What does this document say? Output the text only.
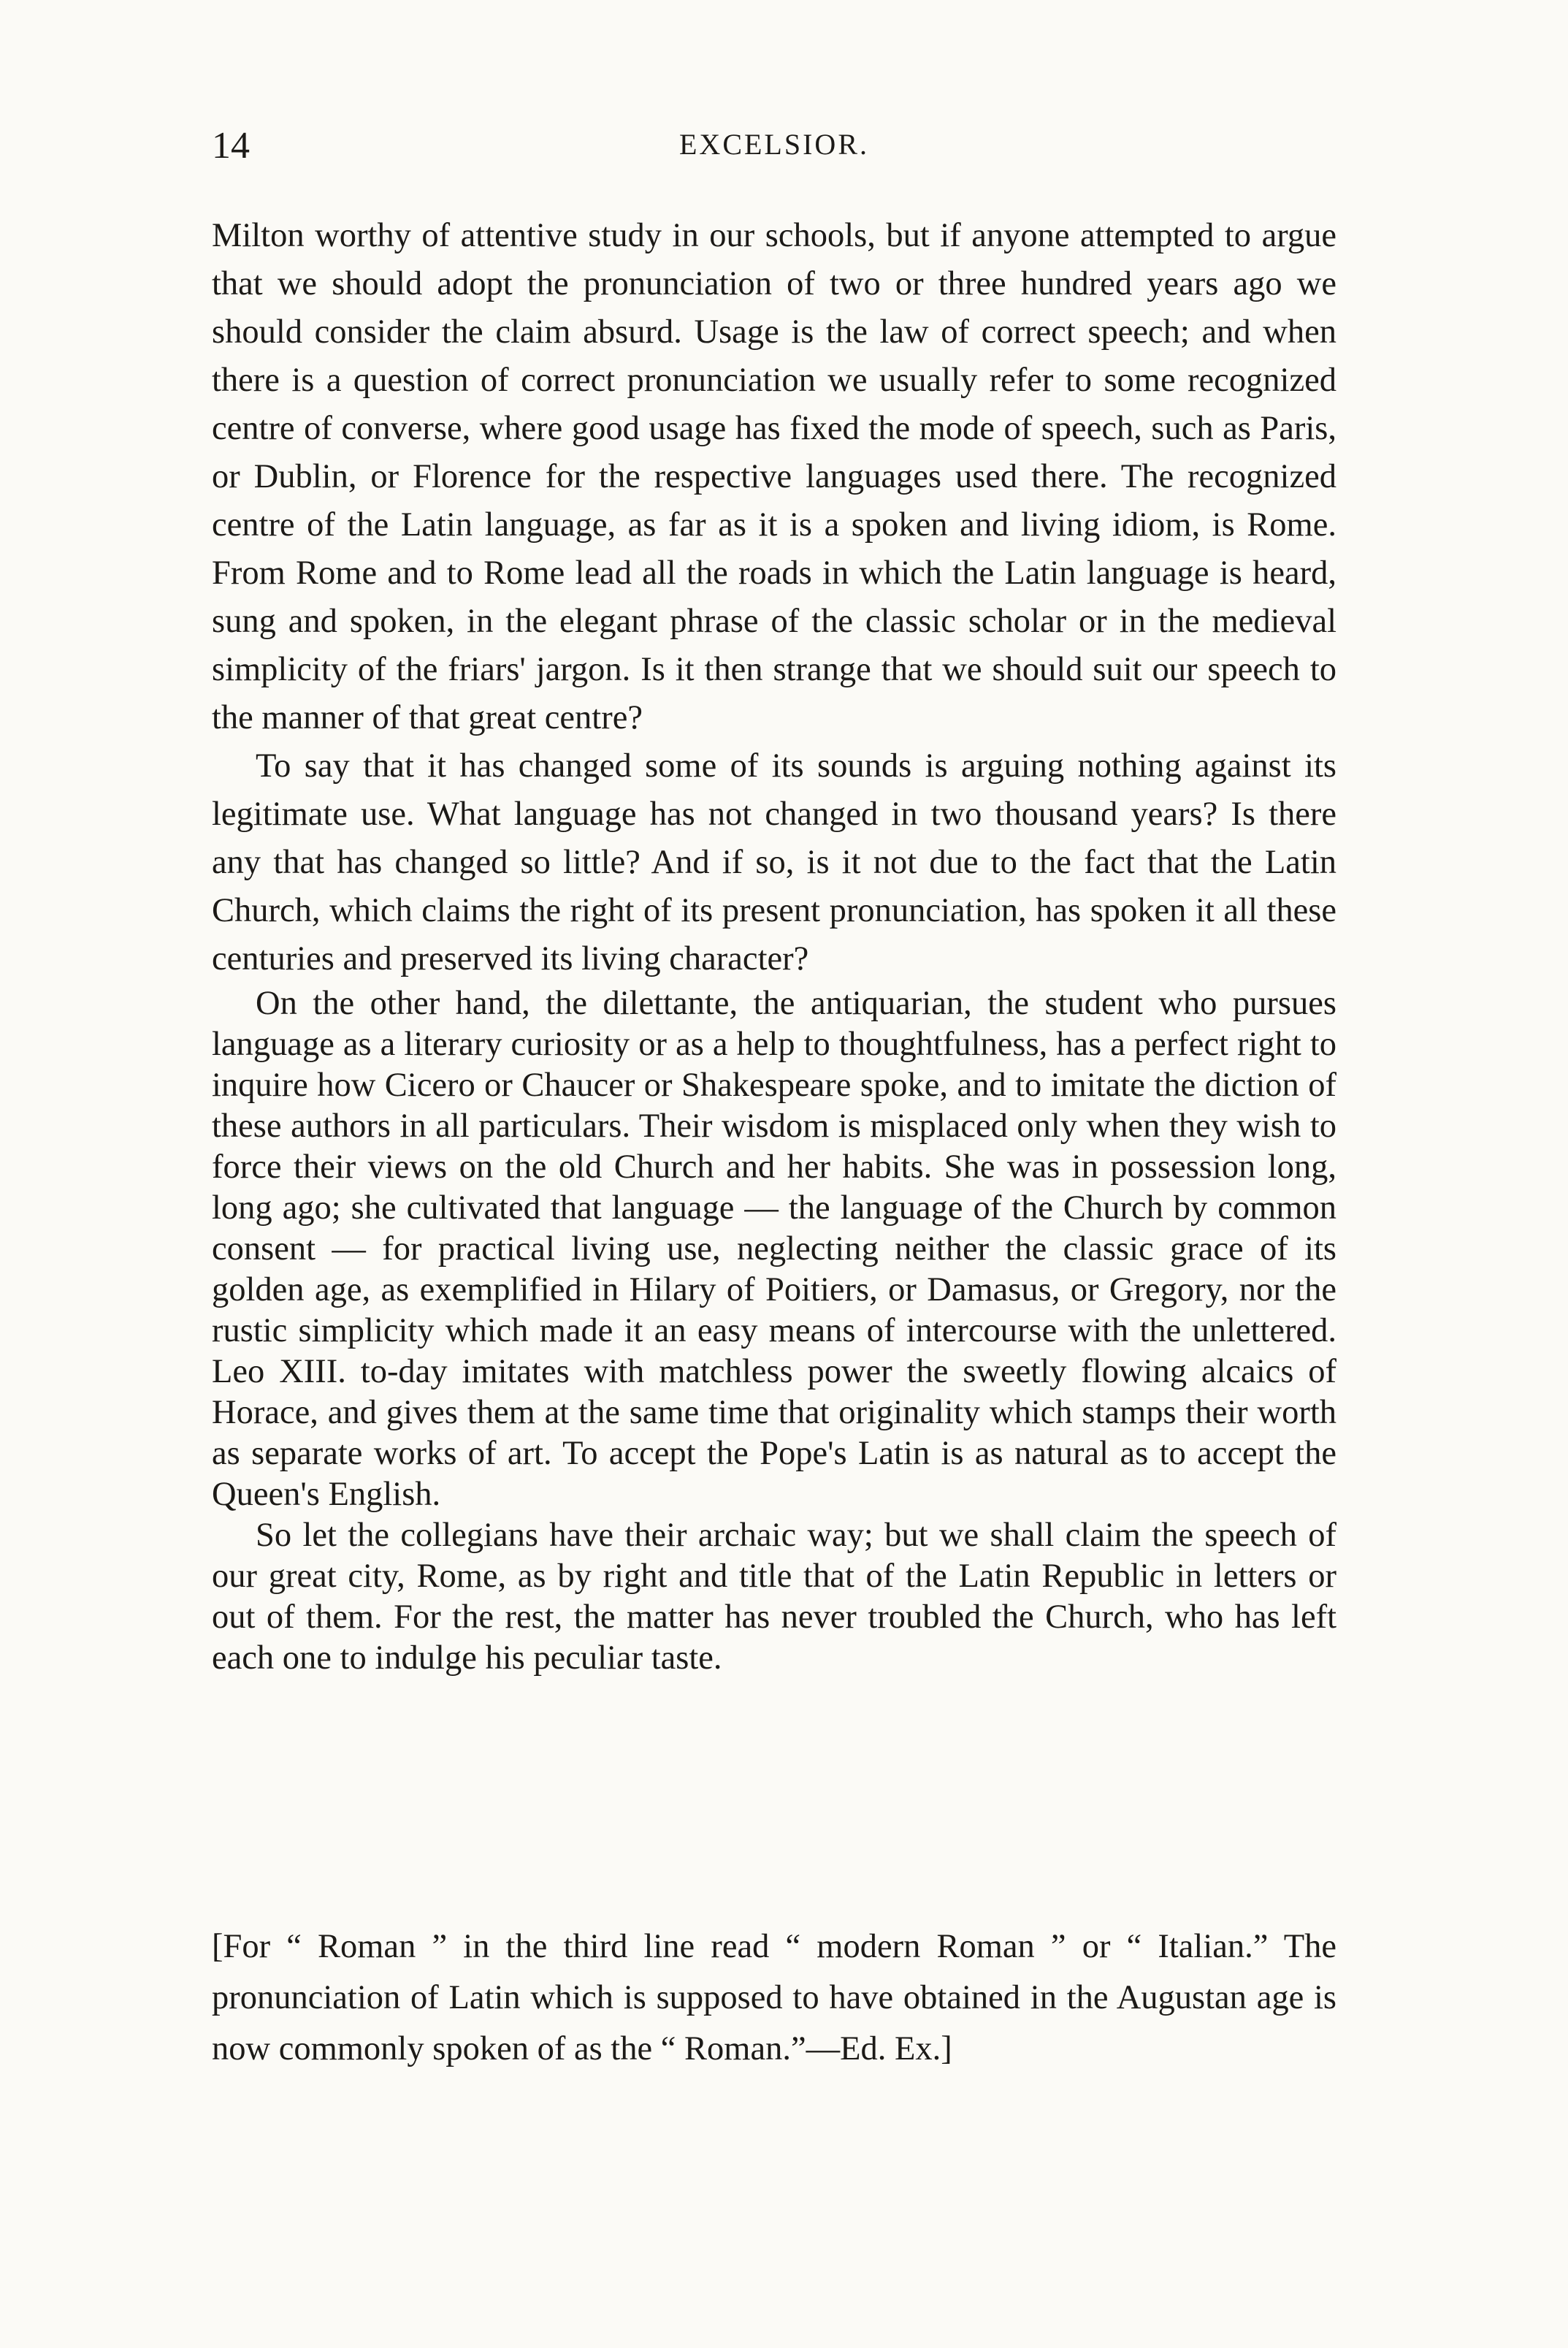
14	EXCELSIOR.

Milton worthy of attentive study in our schools, but if anyone attempted to argue that we should adopt the pronunciation of two or three hundred years ago we should consider the claim absurd. Usage is the law of correct speech; and when there is a question of correct pronunciation we usually refer to some recognized centre of converse, where good usage has fixed the mode of speech, such as Paris, or Dublin, or Florence for the respective languages used there. The recognized centre of the Latin language, as far as it is a spoken and living idiom, is Rome. From Rome and to Rome lead all the roads in which the Latin language is heard, sung and spoken, in the elegant phrase of the classic scholar or in the medieval simplicity of the friars' jargon. Is it then strange that we should suit our speech to the manner of that great centre?

To say that it has changed some of its sounds is arguing nothing against its legitimate use. What language has not changed in two thousand years? Is there any that has changed so little? And if so, is it not due to the fact that the Latin Church, which claims the right of its present pronunciation, has spoken it all these centuries and preserved its living character?

On the other hand, the dilettante, the antiquarian, the student who pursues language as a literary curiosity or as a help to thoughtfulness, has a perfect right to inquire how Cicero or Chaucer or Shakespeare spoke, and to imitate the diction of these authors in all particulars. Their wisdom is misplaced only when they wish to force their views on the old Church and her habits. She was in possession long, long ago; she cultivated that language — the language of the Church by common consent — for practical living use, neglecting neither the classic grace of its golden age, as exemplified in Hilary of Poitiers, or Damasus, or Gregory, nor the rustic simplicity which made it an easy means of intercourse with the unlettered. Leo XIII. to-day imitates with matchless power the sweetly flowing alcaics of Horace, and gives them at the same time that originality which stamps their worth as separate works of art. To accept the Pope's Latin is as natural as to accept the Queen's English.

So let the collegians have their archaic way; but we shall claim the speech of our great city, Rome, as by right and title that of the Latin Republic in letters or out of them. For the rest, the matter has never troubled the Church, who has left each one to indulge his peculiar taste.

[For “ Roman ” in the third line read “ modern Roman ” or “ Italian.” The pronunciation of Latin which is supposed to have obtained in the Augustan age is now commonly spoken of as the “ Roman.”—Ed. Ex.]
